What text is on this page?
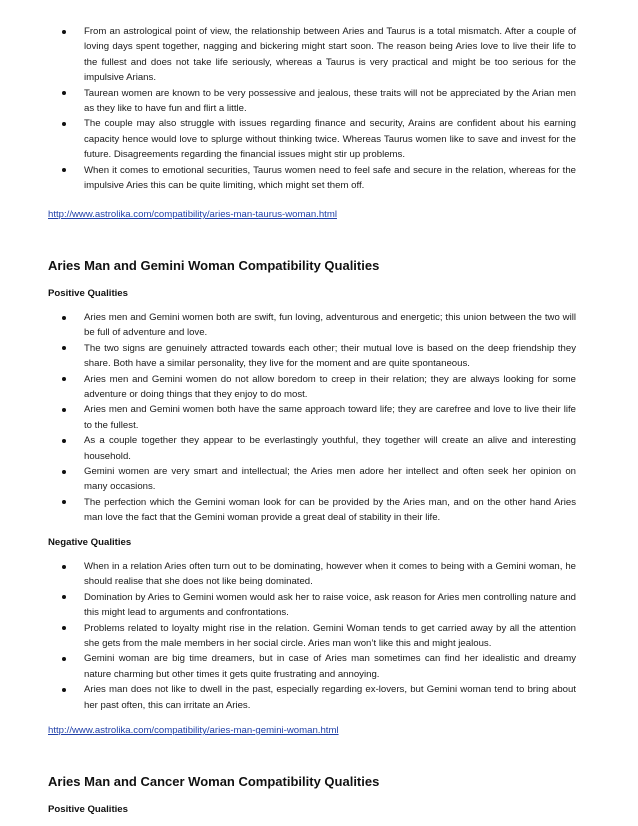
From an astrological point of view, the relationship between Aries and Taurus is a total mismatch. After a couple of loving days spent together, nagging and bickering might start soon. The reason being Aries love to live their life to the fullest and does not take life seriously, whereas a Taurus is very practical and might be too serious for the impulsive Arians.
Taurean women are known to be very possessive and jealous, these traits will not be appreciated by the Arian men as they like to have fun and flirt a little.
The couple may also struggle with issues regarding finance and security, Arains are confident about his earning capacity hence would love to splurge without thinking twice. Whereas Taurus women like to save and invest for the future. Disagreements regarding the financial issues might stir up problems.
When it comes to emotional securities, Taurus women need to feel safe and secure in the relation, whereas for the impulsive Aries this can be quite limiting, which might set them off.
http://www.astrolika.com/compatibility/aries-man-taurus-woman.html
Aries Man and Gemini Woman Compatibility Qualities
Positive Qualities
Aries men and Gemini women both are swift, fun loving, adventurous and energetic; this union between the two will be full of adventure and love.
The two signs are genuinely attracted towards each other; their mutual love is based on the deep friendship they share. Both have a similar personality, they live for the moment and are quite spontaneous.
Aries men and Gemini women do not allow boredom to creep in their relation; they are always looking for some adventure or doing things that they enjoy to do most.
Aries men and Gemini women both have the same approach toward life; they are carefree and love to live their life to the fullest.
As a couple together they appear to be everlastingly youthful, they together will create an alive and interesting household.
Gemini women are very smart and intellectual; the Aries men adore her intellect and often seek her opinion on many occasions.
The perfection which the Gemini woman look for can be provided by the Aries man, and on the other hand Aries man love the fact that the Gemini woman provide a great deal of stability in their life.
Negative Qualities
When in a relation Aries often turn out to be dominating, however when it comes to being with a Gemini woman, he should realise that she does not like being dominated.
Domination by Aries to Gemini women would ask her to raise voice, ask reason for Aries men controlling nature and this might lead to arguments and confrontations.
Problems related to loyalty might rise in the relation. Gemini Woman tends to get carried away by all the attention she gets from the male members in her social circle. Aries man won’t like this and might jealous.
Gemini woman are big time dreamers, but in case of Aries man sometimes can find her idealistic and dreamy nature charming but other times it gets quite frustrating and annoying.
Aries man does not like to dwell in the past, especially regarding ex-lovers, but Gemini woman tend to bring about her past often, this can irritate an Aries.
http://www.astrolika.com/compatibility/aries-man-gemini-woman.html
Aries Man and Cancer Woman Compatibility Qualities
Positive Qualities
